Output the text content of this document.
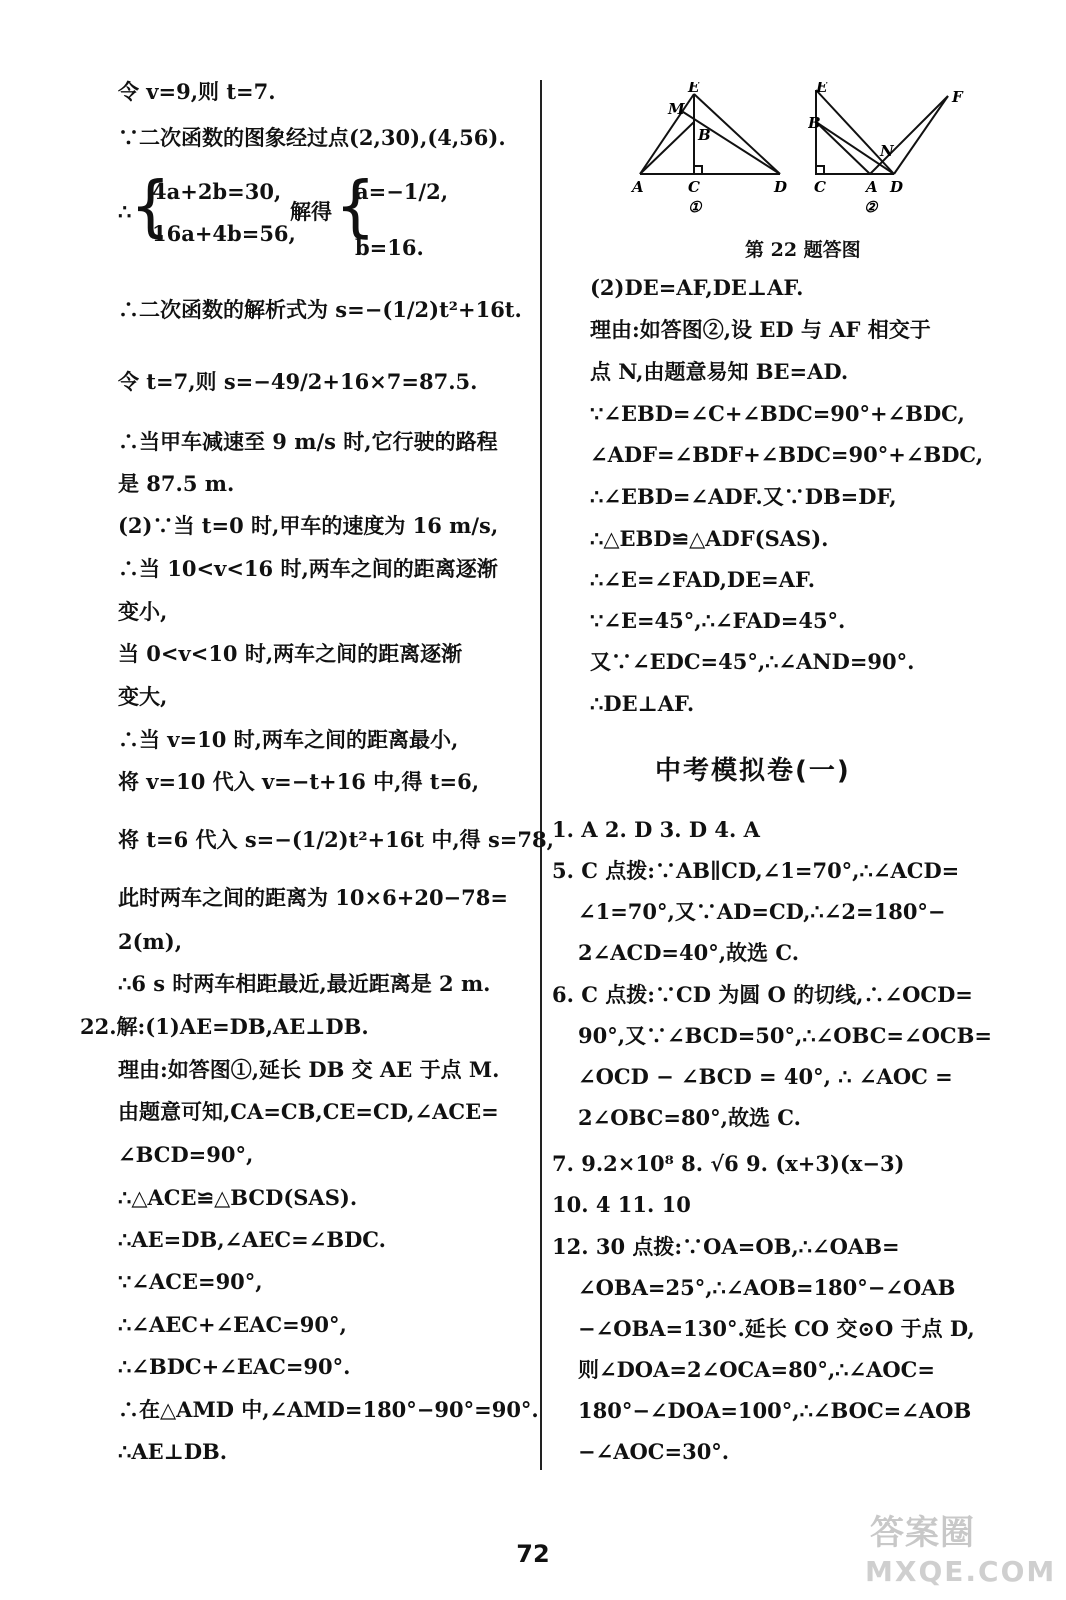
令 v=9,则 t=7.
∵二次函数的图象经过点(2,30),(4,56).
∴
{
4a+2b=30,
16a+4b=56,
解得 {
a=−1/2,
b=16.
∴二次函数的解析式为 s=−(1/2)t²+16t.
令 t=7,则 s=−49/2+16×7=87.5.
∴当甲车减速至 9 m/s 时,它行驶的路程
是 87.5 m.
(2)∵当 t=0 时,甲车的速度为 16 m/s,
∴当 10<v<16 时,两车之间的距离逐渐
变小,
当 0<v<10 时,两车之间的距离逐渐
变大,
∴当 v=10 时,两车之间的距离最小,
将 v=10 代入 v=−t+16 中,得 t=6,
将 t=6 代入 s=−(1/2)t²+16t 中,得 s=78,
此时两车之间的距离为 10×6+20−78=
2(m),
∴6 s 时两车相距最近,最近距离是 2 m.
22.解:(1)AE=DB,AE⊥DB.
理由:如答图①,延长 DB 交 AE 于点 M.
由题意可知,CA=CB,CE=CD,∠ACE=
∠BCD=90°,
∴△ACE≌△BCD(SAS).
∴AE=DB,∠AEC=∠BDC.
∵∠ACE=90°,
∴∠AEC+∠EAC=90°,
∴∠BDC+∠EAC=90°.
∴在△AMD 中,∠AMD=180°−90°=90°.
∴AE⊥DB.
E
M
B
A	C	D
①
E
B
F
N
C	A D
②
第 22 题答图
(2)DE=AF,DE⊥AF.
理由:如答图②,设 ED 与 AF 相交于
点 N,由题意易知 BE=AD.
∵∠EBD=∠C+∠BDC=90°+∠BDC,
∠ADF=∠BDF+∠BDC=90°+∠BDC,
∴∠EBD=∠ADF.又∵DB=DF,
∴△EBD≌△ADF(SAS).
∴∠E=∠FAD,DE=AF.
∵∠E=45°,∴∠FAD=45°.
又∵∠EDC=45°,∴∠AND=90°.
∴DE⊥AF.
中考模拟卷(一)
1. A 2. D 3. D 4. A
5. C 点拨:∵AB∥CD,∠1=70°,∴∠ACD=
∠1=70°,又∵AD=CD,∴∠2=180°−
2∠ACD=40°,故选 C.
6. C 点拨:∵CD 为圆 O 的切线,∴∠OCD=
90°,又∵∠BCD=50°,∴∠OBC=∠OCB=
∠OCD − ∠BCD = 40°, ∴ ∠AOC =
2∠OBC=80°,故选 C.
7. 9.2×10⁸ 8. √6 9. (x+3)(x−3)
10. 4 11. 10
12. 30 点拨:∵OA=OB,∴∠OAB=
∠OBA=25°,∴∠AOB=180°−∠OAB
−∠OBA=130°.延长 CO 交⊙O 于点 D,
则∠DOA=2∠OCA=80°,∴∠AOC=
180°−∠DOA=100°,∴∠BOC=∠AOB
−∠AOC=30°.
72
答案圈
MXQE.COM
